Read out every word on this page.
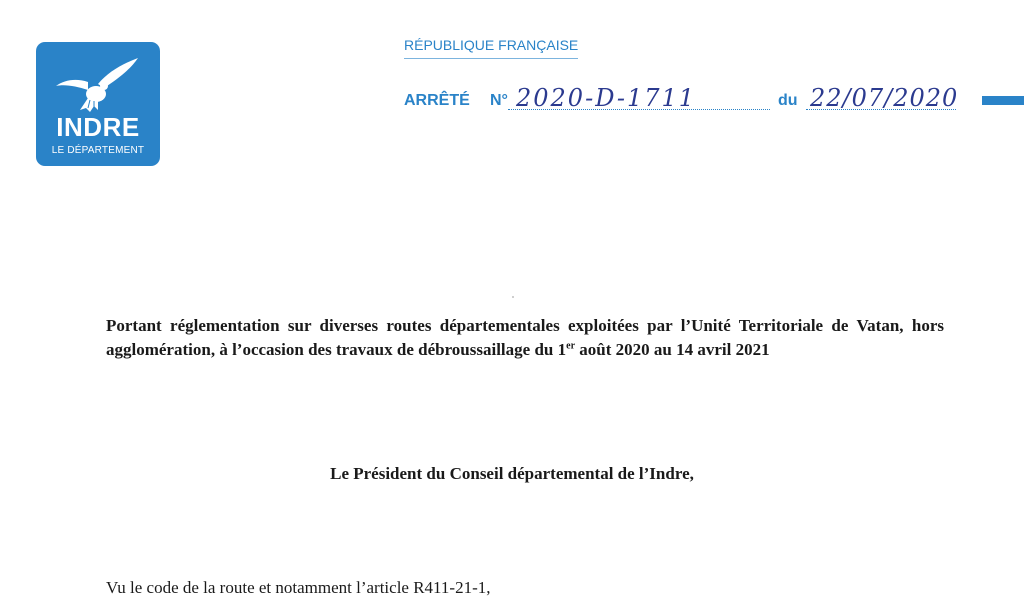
INDRE
LE DÉPARTEMENT
RÉPUBLIQUE FRANÇAISE
ARRÊTÉ N° 2020-D-1711	du 22/07/2020
Portant réglementation sur diverses routes départementales exploitées par l’Unité Territoriale de Vatan, hors agglomération, à l’occasion des travaux de débroussaillage du 1er août 2020 au 14 avril 2021
Le Président du Conseil départemental de l’Indre,
Vu le code de la route et notamment l’article R411-21-1,
